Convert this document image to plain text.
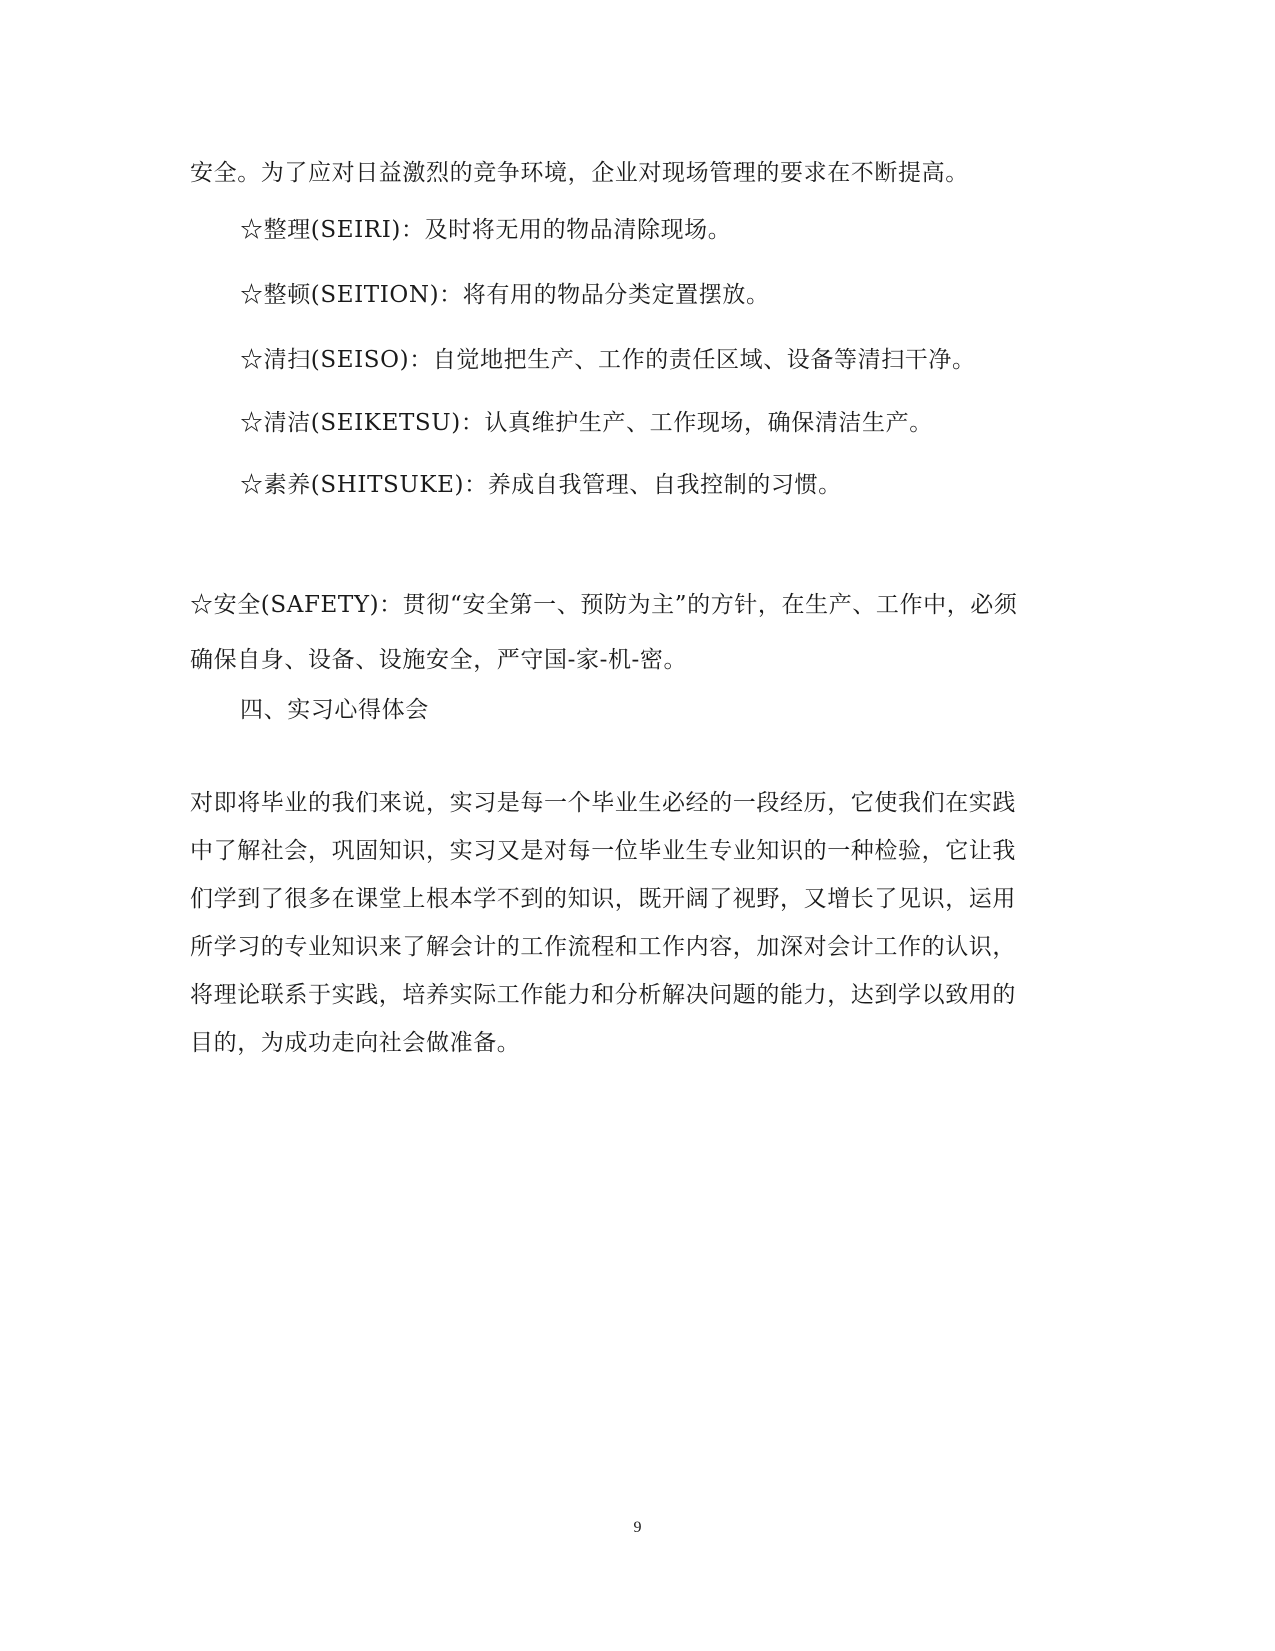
安全。为了应对日益激烈的竞争环境，企业对现场管理的要求在不断提高。
☆整理(SEIRI)：及时将无用的物品清除现场。
☆整顿(SEITION)：将有用的物品分类定置摆放。
☆清扫(SEISO)：自觉地把生产、工作的责任区域、设备等清扫干净。
☆清洁(SEIKETSU)：认真维护生产、工作现场，确保清洁生产。
☆素养(SHITSUKE)：养成自我管理、自我控制的习惯。
☆安全(SAFETY)：贯彻“安全第一、预防为主”的方针，在生产、工作中，必须
确保自身、设备、设施安全，严守国-家-机-密。
四、实习心得体会
对即将毕业的我们来说，实习是每一个毕业生必经的一段经历，它使我们在实践
中了解社会，巩固知识，实习又是对每一位毕业生专业知识的一种检验，它让我
们学到了很多在课堂上根本学不到的知识，既开阔了视野，又增长了见识，运用
所学习的专业知识来了解会计的工作流程和工作内容，加深对会计工作的认识，
将理论联系于实践，培养实际工作能力和分析解决问题的能力，达到学以致用的
目的，为成功走向社会做准备。
9
